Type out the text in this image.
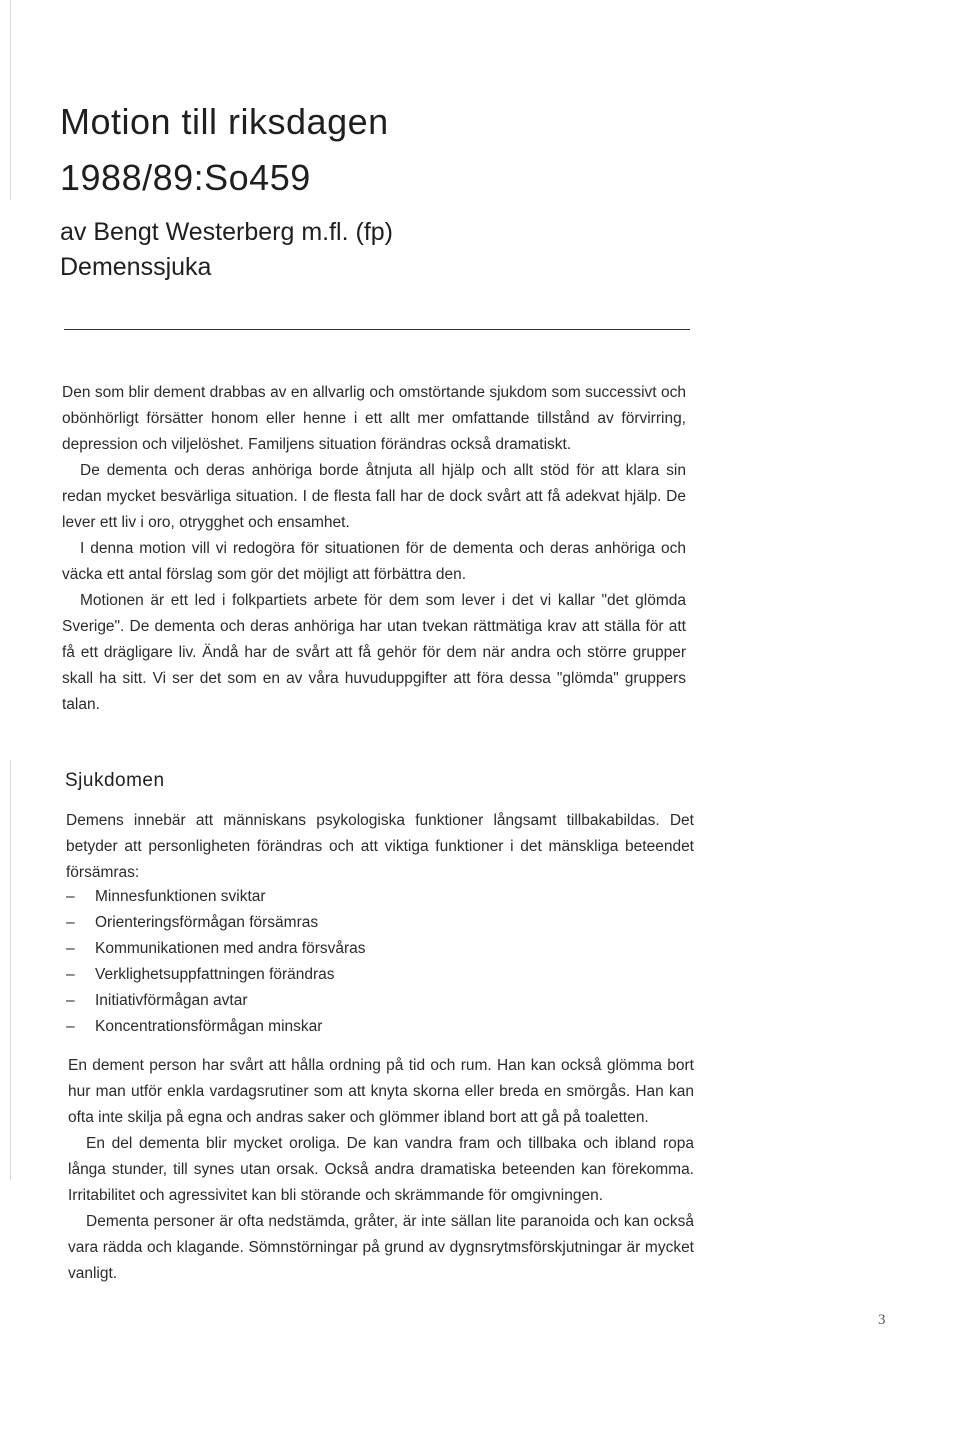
Motion till riksdagen
1988/89:So459
av Bengt Westerberg m.fl. (fp)
Demenssjuka

Den som blir dement drabbas av en allvarlig och omstörtande sjukdom som successivt och obönhörligt försätter honom eller henne i ett allt mer omfattande tillstånd av förvirring, depression och viljelöshet. Familjens situation förändras också dramatiskt.

De dementa och deras anhöriga borde åtnjuta all hjälp och allt stöd för att klara sin redan mycket besvärliga situation. I de flesta fall har de dock svårt att få adekvat hjälp. De lever ett liv i oro, otrygghet och ensamhet.

I denna motion vill vi redogöra för situationen för de dementa och deras anhöriga och väcka ett antal förslag som gör det möjligt att förbättra den.

Motionen är ett led i folkpartiets arbete för dem som lever i det vi kallar "det glömda Sverige". De dementa och deras anhöriga har utan tvekan rättmätiga krav att ställa för att få ett drägligare liv. Ändå har de svårt att få gehör för dem när andra och större grupper skall ha sitt. Vi ser det som en av våra huvuduppgifter att föra dessa "glömda" gruppers talan.

Sjukdomen

Demens innebär att människans psykologiska funktioner långsamt tillbakabildas. Det betyder att personligheten förändras och att viktiga funktioner i det mänskliga beteendet försämras:

–	Minnesfunktionen sviktar
–	Orienteringsförmågan försämras
–	Kommunikationen med andra försvåras
–	Verklighetsuppfattningen förändras
–	Initiativförmågan avtar
–	Koncentrationsförmågan minskar

En dement person har svårt att hålla ordning på tid och rum. Han kan också glömma bort hur man utför enkla vardagsrutiner som att knyta skorna eller breda en smörgås. Han kan ofta inte skilja på egna och andras saker och glömmer ibland bort att gå på toaletten.

En del dementa blir mycket oroliga. De kan vandra fram och tillbaka och ibland ropa långa stunder, till synes utan orsak. Också andra dramatiska beteenden kan förekomma. Irritabilitet och agressivitet kan bli störande och skrämmande för omgivningen.

Dementa personer är ofta nedstämda, gråter, är inte sällan lite paranoida och kan också vara rädda och klagande. Sömnstörningar på grund av dygnsrytmsförskjutningar är mycket vanligt.

3
